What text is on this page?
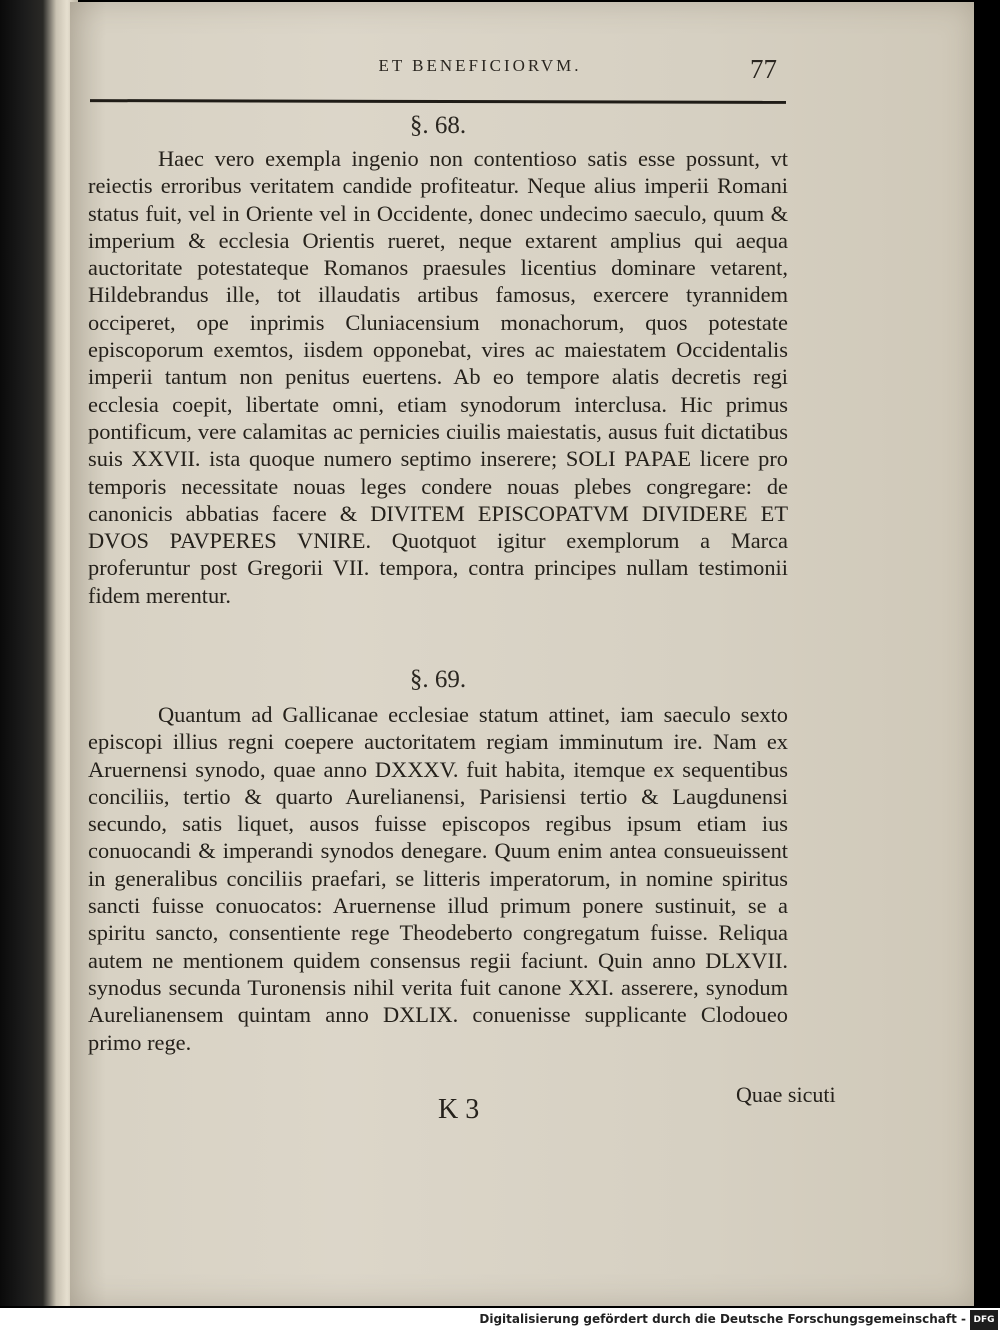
ET BENEFICIORVM.	77
§. 68.
Haec vero exempla ingenio non contentioso satis esse possunt, vt reiectis erroribus veritatem candide profiteatur. Neque alius imperii Romani status fuit, vel in Oriente vel in Occidente, donec undecimo saeculo, quum & imperium & ecclesia Orientis rueret, neque extarent amplius qui aequa auctoritate potestateque Romanos praesules licentius dominare vetarent, Hildebrandus ille, tot illaudatis artibus famosus, exercere tyrannidem occiperet, ope inprimis Cluniacensium monachorum, quos potestate episcoporum exemtos, iisdem opponebat, vires ac maiestatem Occidentalis imperii tantum non penitus euertens. Ab eo tempore alatis decretis regi ecclesia coepit, libertate omni, etiam synodorum interclusa. Hic primus pontificum, vere calamitas ac pernicies ciuilis maiestatis, ausus fuit dictatibus suis XXVII. ista quoque numero septimo inserere; SOLI PAPAE licere pro temporis necessitate nouas leges condere nouas plebes congregare: de canonicis abbatias facere & DIVITEM EPISCOPATVM DIVIDERE ET DVOS PAVPERES VNIRE. Quotquot igitur exemplorum a Marca proferuntur post Gregorii VII. tempora, contra principes nullam testimonii fidem merentur.
§. 69.
Quantum ad Gallicanae ecclesiae statum attinet, iam saeculo sexto episcopi illius regni coepere auctoritatem regiam imminutum ire. Nam ex Aruernensi synodo, quae anno DXXXV. fuit habita, itemque ex sequentibus conciliis, tertio & quarto Aurelianensi, Parisiensi tertio & Laugdunensi secundo, satis liquet, ausos fuisse episcopos regibus ipsum etiam ius conuocandi & imperandi synodos denegare. Quum enim antea consueuissent in generalibus conciliis praefari, se litteris imperatorum, in nomine spiritus sancti fuisse conuocatos: Aruernense illud primum ponere sustinuit, se a spiritu sancto, consentiente rege Theodeberto congregatum fuisse. Reliqua autem ne mentionem quidem consensus regii faciunt. Quin anno DLXVII. synodus secunda Turonensis nihil verita fuit canone XXI. asserere, synodum Aurelianensem quintam anno DXLIX. conuenisse supplicante Clodoueo primo rege.
Quae sicuti
K 3
Digitalisierung gefördert durch die Deutsche Forschungsgemeinschaft - DFG
